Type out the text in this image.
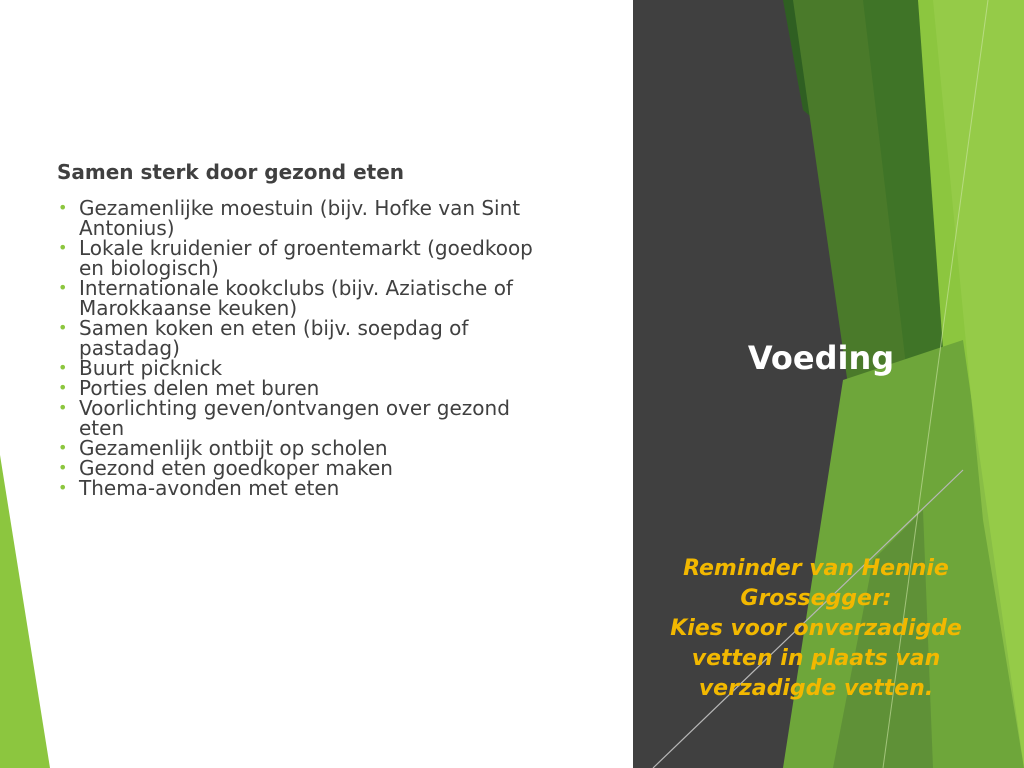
Samen sterk door gezond eten
• Gezamenlijke moestuin (bijv. Hofke van Sint
Antonius)
• Lokale kruidenier of groentemarkt (goedkoop
en biologisch)
• Internationale kookclubs (bijv. Aziatische of
Marokkaanse keuken)
• Samen koken en eten (bijv. soepdag of
pastadag)
• Buurt picknick
• Porties delen met buren
• Voorlichting geven/ontvangen over gezond
eten
• Gezamenlijk ontbijt op scholen
• Gezond eten goedkoper maken
• Thema-avonden met eten
Voeding
Reminder van Hennie
Grossegger:
Kies voor onverzadigde
vetten in plaats van
verzadigde vetten.
